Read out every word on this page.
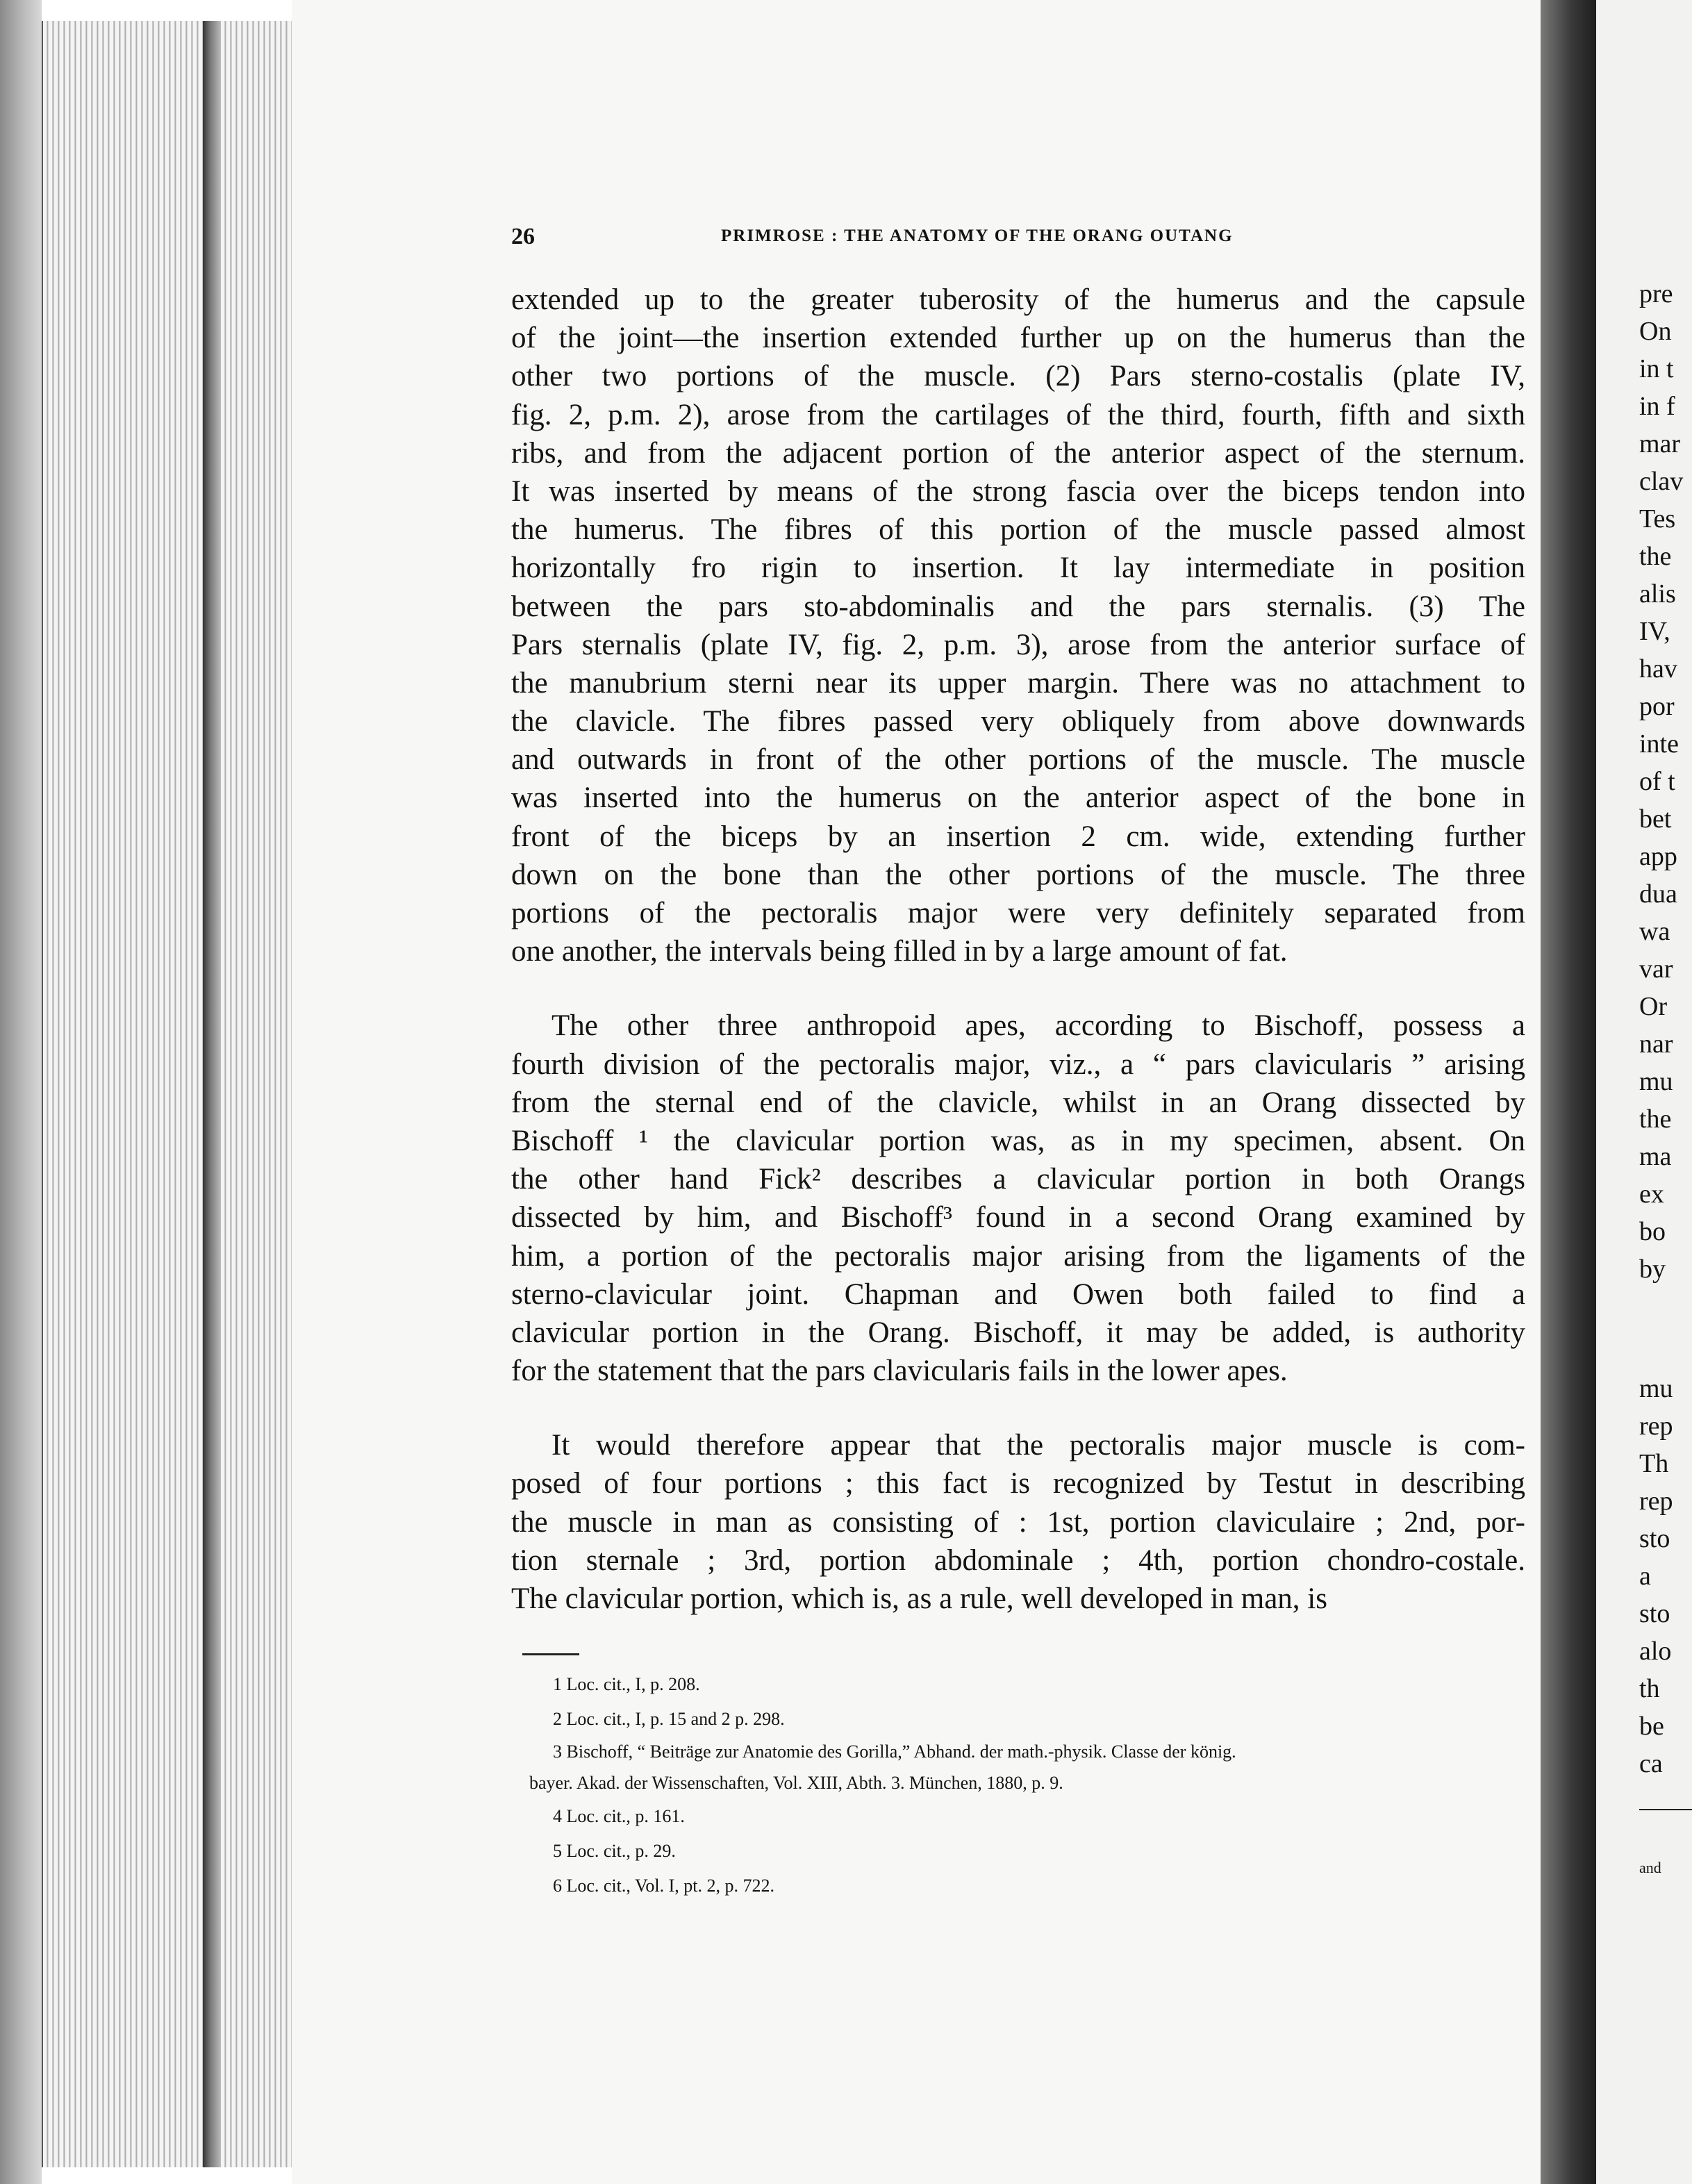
pre
On
in t
in f
mar
clav
Tes
the
alis
IV,
hav
por
inte
of t
bet
app
dua
wa
var
Or
nar
mu
the
ma
ex
bo
by
mu
rep
Th
rep
sto
a
sto
alo
th
be
ca
and
26	PRIMROSE : THE ANATOMY OF THE ORANG OUTANG
extended up to the greater tuberosity of the humerus and the capsule
of the joint—the insertion extended further up on the humerus than the
other two portions of the muscle. (2) Pars sterno-costalis (plate IV,
fig. 2, p.m. 2), arose from the cartilages of the third, fourth, fifth and sixth
ribs, and from the adjacent portion of the anterior aspect of the sternum.
It was inserted by means of the strong fascia over the biceps tendon into
the humerus. The fibres of this portion of the muscle passed almost
horizontally fro rigin to insertion. It lay intermediate in position
between the pars sto-abdominalis and the pars sternalis. (3) The
Pars sternalis (plate IV, fig. 2, p.m. 3), arose from the anterior surface of
the manubrium sterni near its upper margin. There was no attachment to
the clavicle. The fibres passed very obliquely from above downwards
and outwards in front of the other portions of the muscle. The muscle
was inserted into the humerus on the anterior aspect of the bone in
front of the biceps by an insertion 2 cm. wide, extending further
down on the bone than the other portions of the muscle. The three
portions of the pectoralis major were very definitely separated from
one another, the intervals being filled in by a large amount of fat.
The other three anthropoid apes, according to Bischoff, possess a
fourth division of the pectoralis major, viz., a “ pars clavicularis ” arising
from the sternal end of the clavicle, whilst in an Orang dissected by
Bischoff ¹ the clavicular portion was, as in my specimen, absent. On
the other hand Fick² describes a clavicular portion in both Orangs
dissected by him, and Bischoff³ found in a second Orang examined by
him, a portion of the pectoralis major arising from the ligaments of the
sterno-clavicular joint. Chapman and Owen both failed to find a
clavicular portion in the Orang. Bischoff, it may be added, is authority
for the statement that the pars clavicularis fails in the lower apes.
It would therefore appear that the pectoralis major muscle is com-
posed of four portions ; this fact is recognized by Testut in describing
the muscle in man as consisting of : 1st, portion claviculaire ; 2nd, por-
tion sternale ; 3rd, portion abdominale ; 4th, portion chondro-costale.
The clavicular portion, which is, as a rule, well developed in man, is
1 Loc. cit., I, p. 208.
2 Loc. cit., I, p. 15 and 2 p. 298.
3 Bischoff, “ Beiträge zur Anatomie des Gorilla,” Abhand. der math.-physik. Classe der könig.
bayer. Akad. der Wissenschaften, Vol. XIII, Abth. 3. München, 1880, p. 9.
4 Loc. cit., p. 161.
5 Loc. cit., p. 29.
6 Loc. cit., Vol. I, pt. 2, p. 722.
